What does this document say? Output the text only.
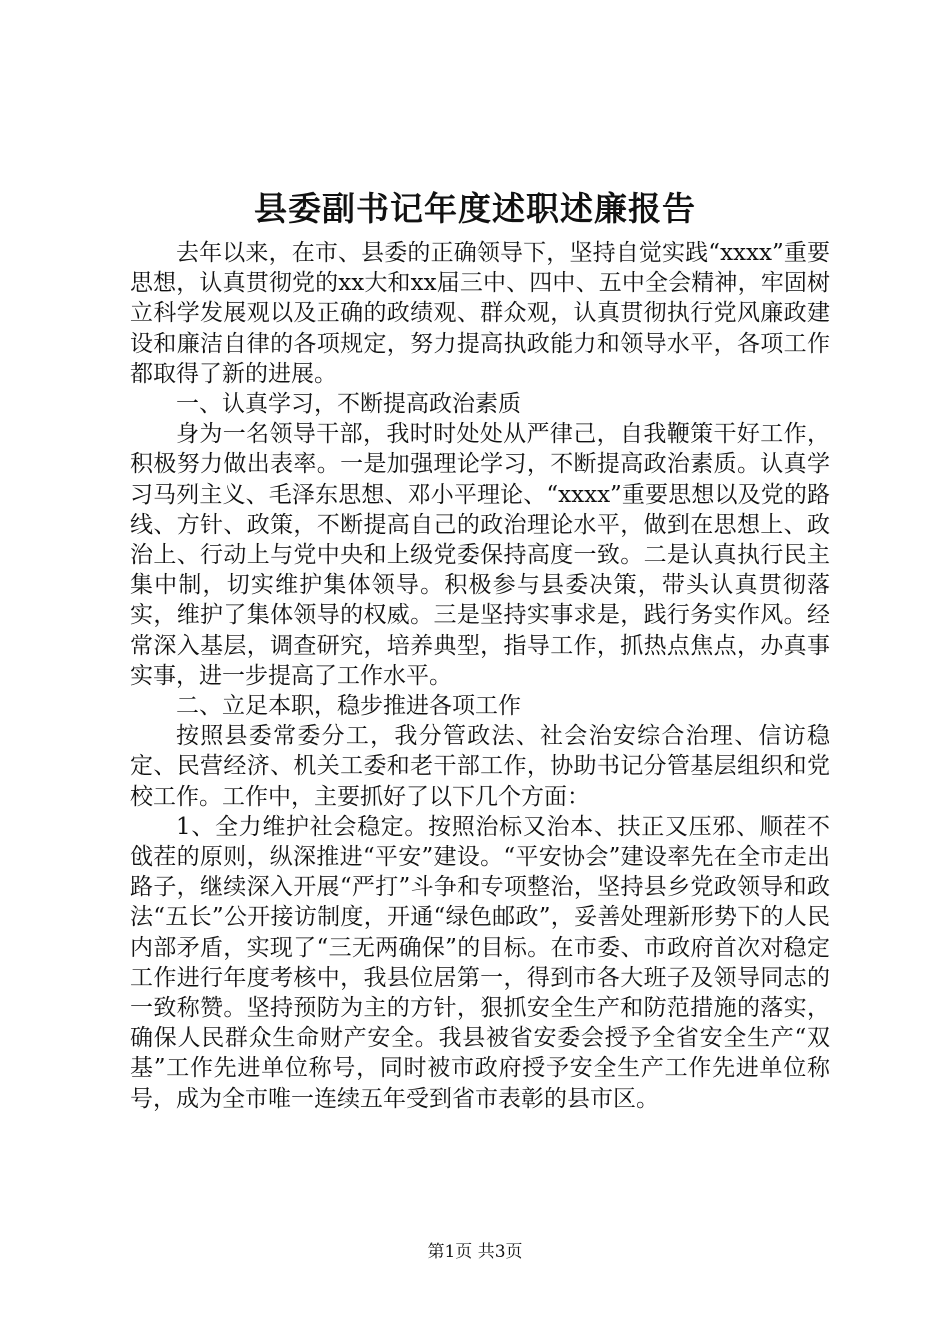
县委副书记年度述职述廉报告

去年以来，在市、县委的正确领导下，坚持自觉实践“xxxx”重要思想，认真贯彻党的xx大和xx届三中、四中、五中全会精神，牢固树立科学发展观以及正确的政绩观、群众观，认真贯彻执行党风廉政建设和廉洁自律的各项规定，努力提高执政能力和领导水平，各项工作都取得了新的进展。

一、认真学习，不断提高政治素质

身为一名领导干部，我时时处处从严律己，自我鞭策干好工作，积极努力做出表率。一是加强理论学习，不断提高政治素质。认真学习马列主义、毛泽东思想、邓小平理论、“xxxx”重要思想以及党的路线、方针、政策，不断提高自己的政治理论水平，做到在思想上、政治上、行动上与党中央和上级党委保持高度一致。二是认真执行民主集中制，切实维护集体领导。积极参与县委决策，带头认真贯彻落实，维护了集体领导的权威。三是坚持实事求是，践行务实作风。经常深入基层，调查研究，培养典型，指导工作，抓热点焦点，办真事实事，进一步提高了工作水平。

二、立足本职，稳步推进各项工作

按照县委常委分工，我分管政法、社会治安综合治理、信访稳定、民营经济、机关工委和老干部工作，协助书记分管基层组织和党校工作。工作中，主要抓好了以下几个方面：

1、全力维护社会稳定。按照治标又治本、扶正又压邪、顺茬不戗茬的原则，纵深推进“平安”建设。“平安协会”建设率先在全市走出路子，继续深入开展“严打”斗争和专项整治，坚持县乡党政领导和政法“五长”公开接访制度，开通“绿色邮政”，妥善处理新形势下的人民内部矛盾，实现了“三无两确保”的目标。在市委、市政府首次对稳定工作进行年度考核中，我县位居第一，得到市各大班子及领导同志的一致称赞。坚持预防为主的方针，狠抓安全生产和防范措施的落实，确保人民群众生命财产安全。我县被省安委会授予全省安全生产“双基”工作先进单位称号，同时被市政府授予安全生产工作先进单位称号，成为全市唯一连续五年受到省市表彰的县市区。

第1页 共3页
